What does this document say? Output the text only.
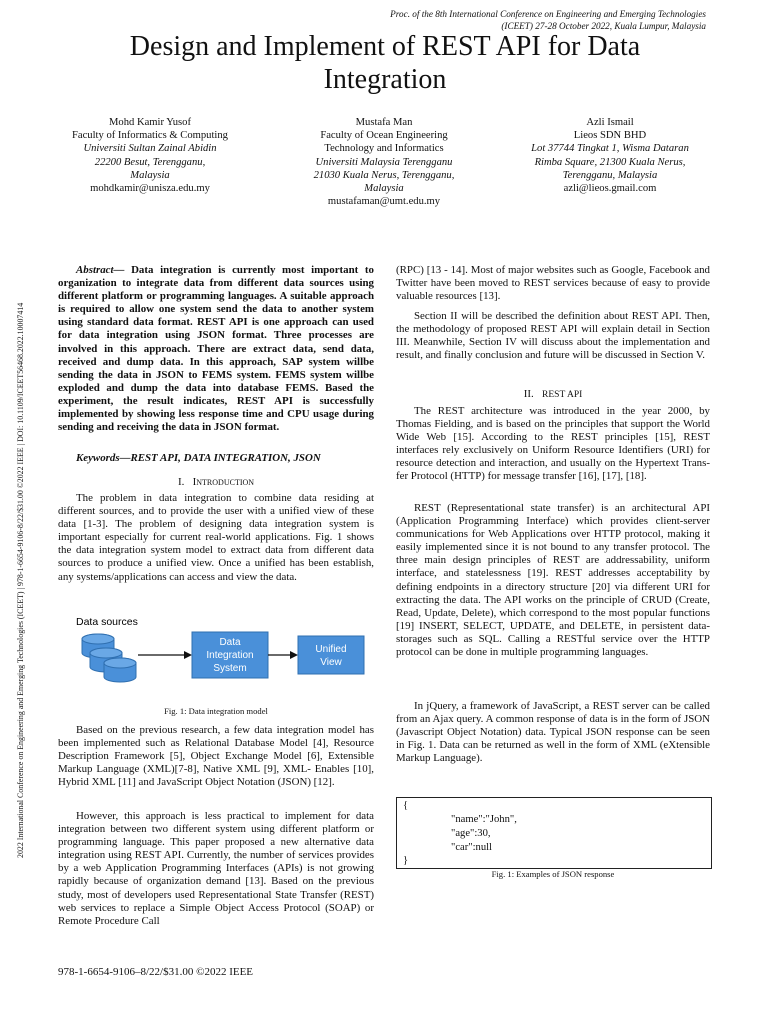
Proc. of the 8th International Conference on Engineering and Emerging Technologies
(ICEET) 27-28 October 2022, Kuala Lumpur, Malaysia
Design and Implement of REST API for Data
Integration
Mohd Kamir Yusof
Faculty of Informatics & Computing
Universiti Sultan Zainal Abidin
22200 Besut, Terengganu,
Malaysia
mohdkamir@unisza.edu.my
Mustafa Man
Faculty of Ocean Engineering
Technology and Informatics
Universiti Malaysia Terengganu
21030 Kuala Nerus, Terengganu,
Malaysia
mustafaman@umt.edu.my
Azli Ismail
Lieos SDN BHD
Lot 37744 Tingkat 1, Wisma Dataran
Rimba Square, 21300 Kuala Nerus,
Terengganu, Malaysia
azli@lieos.gmail.com
2022 International Conference on Engineering and Emerging Technologies (ICEET) | 978-1-6654-9106-8/22/$31.00 ©2022 IEEE | DOI: 10.1109/ICEET56468.2022.10007414

Abstract— Data integration is currently most important to organization to integrate data from different data sources using different platform or programming languages. A suitable approach is required to allow one system send the data to another system using standard data format. REST API is one approach can used for data integration using JSON format. Three processes are involved in this approach. There are extract data, send data, received and dump data. In this approach, SAP system willbe sending the data in JSON to FEMS system. FEMS system willbe exploded and dump the data into database FEMS. Based the experiment, the result indicates, REST API is successfully implemented by showing less response time and CPU usage during sending and receiving the data in JSON format.

Keywords—REST API, DATA INTEGRATION, JSON

I. Introduction

The problem in data integration to combine data residing at different sources, and to provide the user with a unified view of these data [1-3]. The problem of designing data integration system is important especially for current real-world applications. Fig. 1 shows the data integration system model to extract data from different data sources to produce a unified view. Once a unified has been establish, any systems/applications can access and view the data.

Data sources
Data
Integration
System
Unified
View
Fig. 1: Data integration model

Based on the previous research, a few data integration model has been implemented such as Relational Database Model [4], Resource Description Framework [5], Object Exchange Model [6], Extensible Markup Language (XML)[7-8], Native XML [9], XML- Enables [10], Hybrid XML [11] and JavaScript Object Notation (JSON) [12].

However, this approach is less practical to implement for data integration between two different system using different platform or programming language. This paper proposed a new alternative data integration using REST API. Currently, the number of services provides by a web Application Programming Interfaces (APIs) is not growing rapidly because of organization demand [13]. Based on the previous study, most of developers used Representational State Transfer (REST) web services to replace a Simple Object Access Protocol (SOAP) or Remote Procedure Call

(RPC) [13 - 14]. Most of major websites such as Google, Facebook and Twitter have been moved to REST services because of easy to provide valuable resources [13].

Section II will be described the definition about REST API. Then, the methodology of proposed REST API will explain detail in Section III. Meanwhile, Section IV will discuss about the implementation and result, and finally conclusion and future will be discussed in Section V.

II. REST API

The REST architecture was introduced in the year 2000, by Thomas Fielding, and is based on the principles that support the World Wide Web [15]. According to the REST principles [15], REST interfaces rely exclusively on Uniform Resource Identifiers (URI) for resource detection and interaction, and usually on the Hypertext Trans- fer Protocol (HTTP) for message transfer [16], [17], [18].

REST (Representational state transfer) is an architectural API (Application Programming Interface) which provides client-server communications for Web Applications over HTTP protocol, making it easily implemented since it is not bound to any transfer protocol. The three main design principles of REST are addressability, uniform interface, and statelessness [19]. REST addresses acceptability by defining endpoints in a directory structure [20] via different URI for extracting the data. The API works on the principle of CRUD (Create, Read, Update, Delete), which correspond to the most popular functions [19] INSERT, SELECT, UPDATE, and DELETE, in persistent data-storages such as SQL. Calling a RESTful service over the HTTP protocol can be done in multiple programming languages.

In jQuery, a framework of JavaScript, a REST server can be called from an Ajax query. A common response of data is in the form of JSON (Javascript Object Notation) data. Typical JSON response can be seen in Fig. 1. Data can be returned as well in the form of XML (eXtensible Markup Language).

{
"name":"John",
"age":30,
"car":null
}
Fig. 1: Examples of JSON response
978-1-6654-9106–8/22/$31.00 ©2022 IEEE
